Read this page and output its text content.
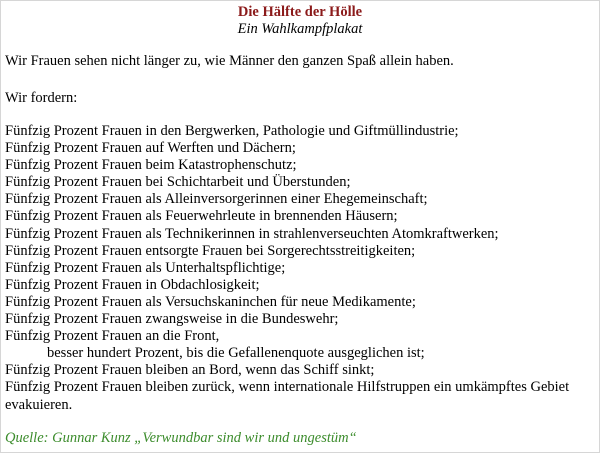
Die Hälfte der Hölle
Ein Wahlkampfplakat
Wir Frauen sehen nicht länger zu, wie Männer den ganzen Spaß allein haben.
Wir fordern:
Fünfzig Prozent Frauen in den Bergwerken, Pathologie und Giftmüllindustrie;
Fünfzig Prozent Frauen auf Werften und Dächern;
Fünfzig Prozent Frauen beim Katastrophenschutz;
Fünfzig Prozent Frauen bei Schichtarbeit und Überstunden;
Fünfzig Prozent Frauen als Alleinversorgerinnen einer Ehegemeinschaft;
Fünfzig Prozent Frauen als Feuerwehrleute in brennenden Häusern;
Fünfzig Prozent Frauen als Technikerinnen in strahlenverseuchten Atomkraftwerken;
Fünfzig Prozent Frauen entsorgte Frauen bei Sorgerechtsstreitigkeiten;
Fünfzig Prozent Frauen als Unterhaltspflichtige;
Fünfzig Prozent Frauen in Obdachlosigkeit;
Fünfzig Prozent Frauen als Versuchskaninchen für neue Medikamente;
Fünfzig Prozent Frauen zwangsweise in die Bundeswehr;
Fünfzig Prozent Frauen an die Front,
besser hundert Prozent, bis die Gefallenenquote ausgeglichen ist;
Fünfzig Prozent Frauen bleiben an Bord, wenn das Schiff sinkt;
Fünfzig Prozent Frauen bleiben zurück, wenn internationale Hilfstruppen ein umkämpftes Gebiet evakuieren.
Quelle: Gunnar Kunz „Verwundbar sind wir und ungestüm“
